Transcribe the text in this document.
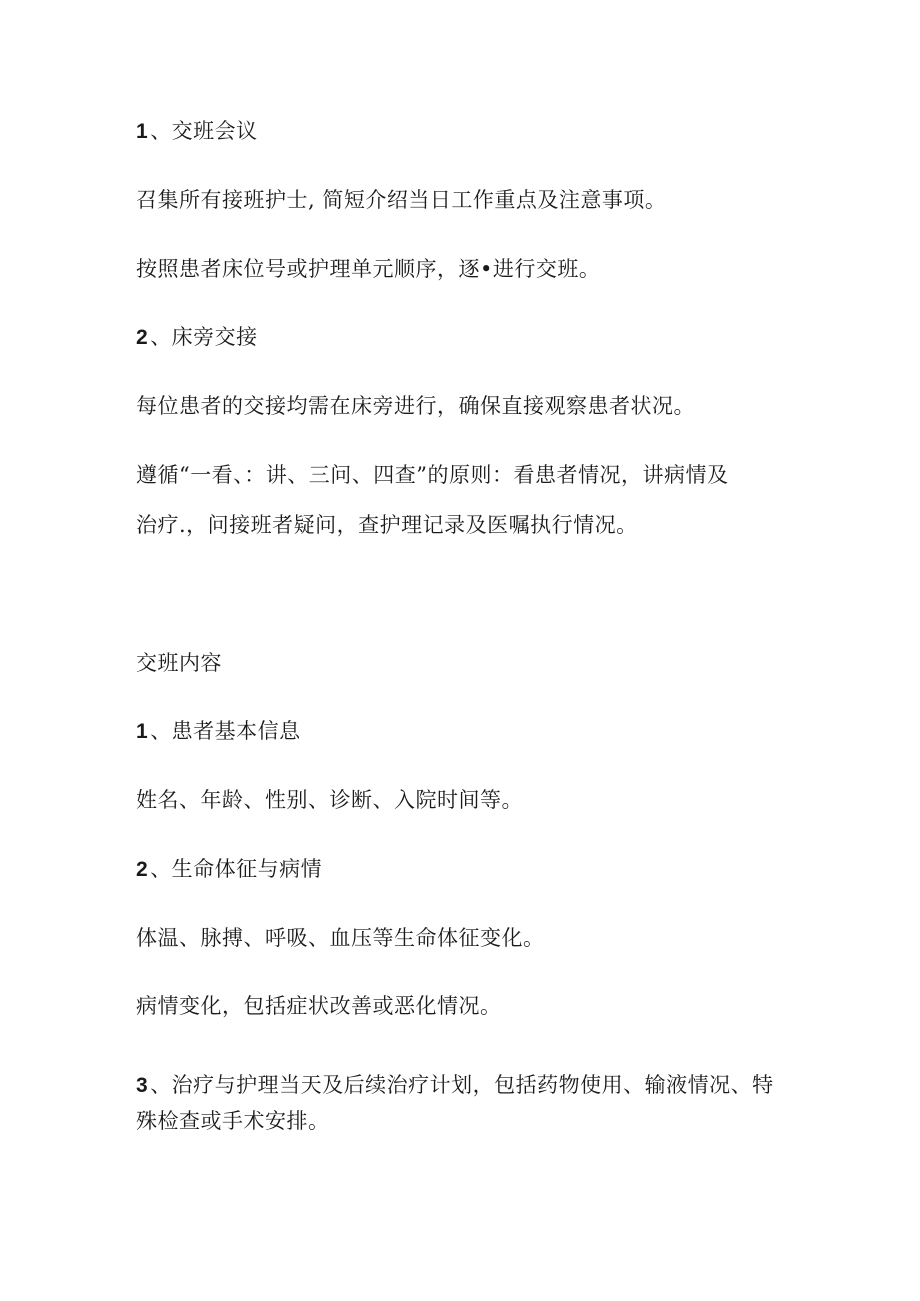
1、交班会议
召集所有接班护士, 简短介绍当日工作重点及注意事项。
按照患者床位号或护理单元顺序，逐•进行交班。
2、床旁交接
每位患者的交接均需在床旁进行，确保直接观察患者状况。
遵循“一看、：讲、三问、四查”的原则：看患者情况，讲病情及
治疗.，问接班者疑问，查护理记录及医嘱执行情况。
交班内容
1、患者基本信息
姓名、年龄、性别、诊断、入院时间等。
2、生命体征与病情
体温、脉搏、呼吸、血压等生命体征变化。
病情变化，包括症状改善或恶化情况。
3、治疗与护理当天及后续治疗计划，包括药物使用、输液情况、特
殊检查或手术安排。
